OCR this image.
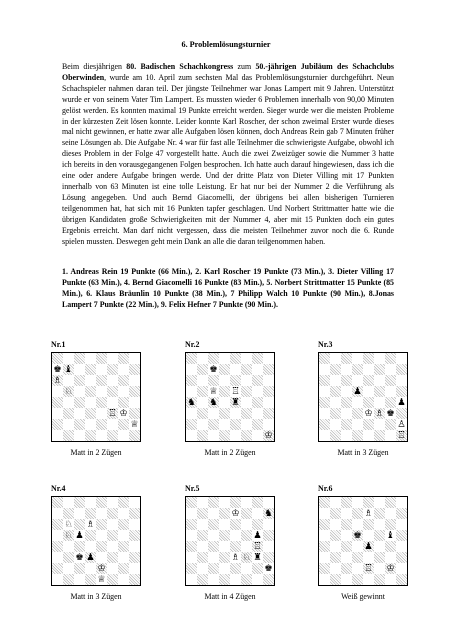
6. Problemlösungsturnier

Beim diesjährigen 80. Badischen Schachkongress zum 50.-jährigen Jubiläum des Schachclubs Oberwinden, wurde am 10. April zum sechsten Mal das Problemlösungsturnier durchgeführt. Neun Schachspieler nahmen daran teil. Der jüngste Teilnehmer war Jonas Lampert mit 9 Jahren. Unterstützt wurde er von seinem Vater Tim Lampert. Es mussten wieder 6 Problemen innerhalb von 90,00 Minuten gelöst werden. Es konnten maximal 19 Punkte erreicht werden. Sieger wurde wer die meisten Probleme in der kürzesten Zeit lösen konnte. Leider konnte Karl Roscher, der schon zweimal Erster wurde dieses mal nicht gewinnen, er hatte zwar alle Aufgaben lösen können, doch Andreas Rein gab 7 Minuten früher seine Lösungen ab. Die Aufgabe Nr. 4 war für fast alle Teilnehmer die schwierigste Aufgabe, obwohl ich dieses Problem in der Folge 47 vorgestellt hatte. Auch die zwei Zweizüger sowie die Nummer 3 hatte ich bereits in den vorausgegangenen Folgen besprochen. Ich hatte auch darauf hingewiesen, dass ich die eine oder andere Aufgabe bringen werde. Und der dritte Platz von Dieter Villing mit 17 Punkten innerhalb von 63 Minuten ist eine tolle Leistung. Er hat nur bei der Nummer 2 die Verführung als Lösung angegeben. Und auch Bernd Giacomelli, der übrigens bei allen bisherigen Turnieren teilgenommen hat, hat sich mit 16 Punkten tapfer geschlagen. Und Norbert Strittmatter hatte wie die übrigen Kandidaten große Schwierigkeiten mit der Nummer 4, aber mit 15 Punkten doch ein gutes Ergebnis erreicht. Man darf nicht vergessen, dass die meisten Teilnehmer zuvor noch die 6. Runde spielen mussten. Deswegen geht mein Dank an alle die daran teilgenommen haben.

1. Andreas Rein 19 Punkte (66 Min.), 2. Karl Roscher 19 Punkte (73 Min.), 3. Dieter Villing 17 Punkte (63 Min.), 4. Bernd Giacomelli 16 Punkte (83 Min.), 5. Norbert Strittmatter 15 Punkte (85 Min.), 6. Klaus Bräunlin 10 Punkte (38 Min.), 7 Philipp Walch 10 Punkte (90 Min.), 8.Jonas Lampert 7 Punkte (22 Min.), 9. Felix Hefner 7 Punkte (90 Min.).

Nr.1
♚ ♝
♗
♘
♖ ♔
♕
Matt in 2 Zügen
Nr.2
♚
♕ ♖
♞ ♞ ♜
♔
Matt in 2 Zügen
Nr.3
♟
♟
♔ ♗ ♚
♙
♖
Matt in 3 Zügen
Nr.4
♘ ♗
♘ ♟
♚ ♟
♔
♕
Matt in 3 Zügen
Nr.5
♔	♞
♟
♖
♗ ♘ ♜
♚
Matt in 4 Zügen
Nr.6
♗
♚	♝
♟
♖ ♔
Weiß gewinnt
